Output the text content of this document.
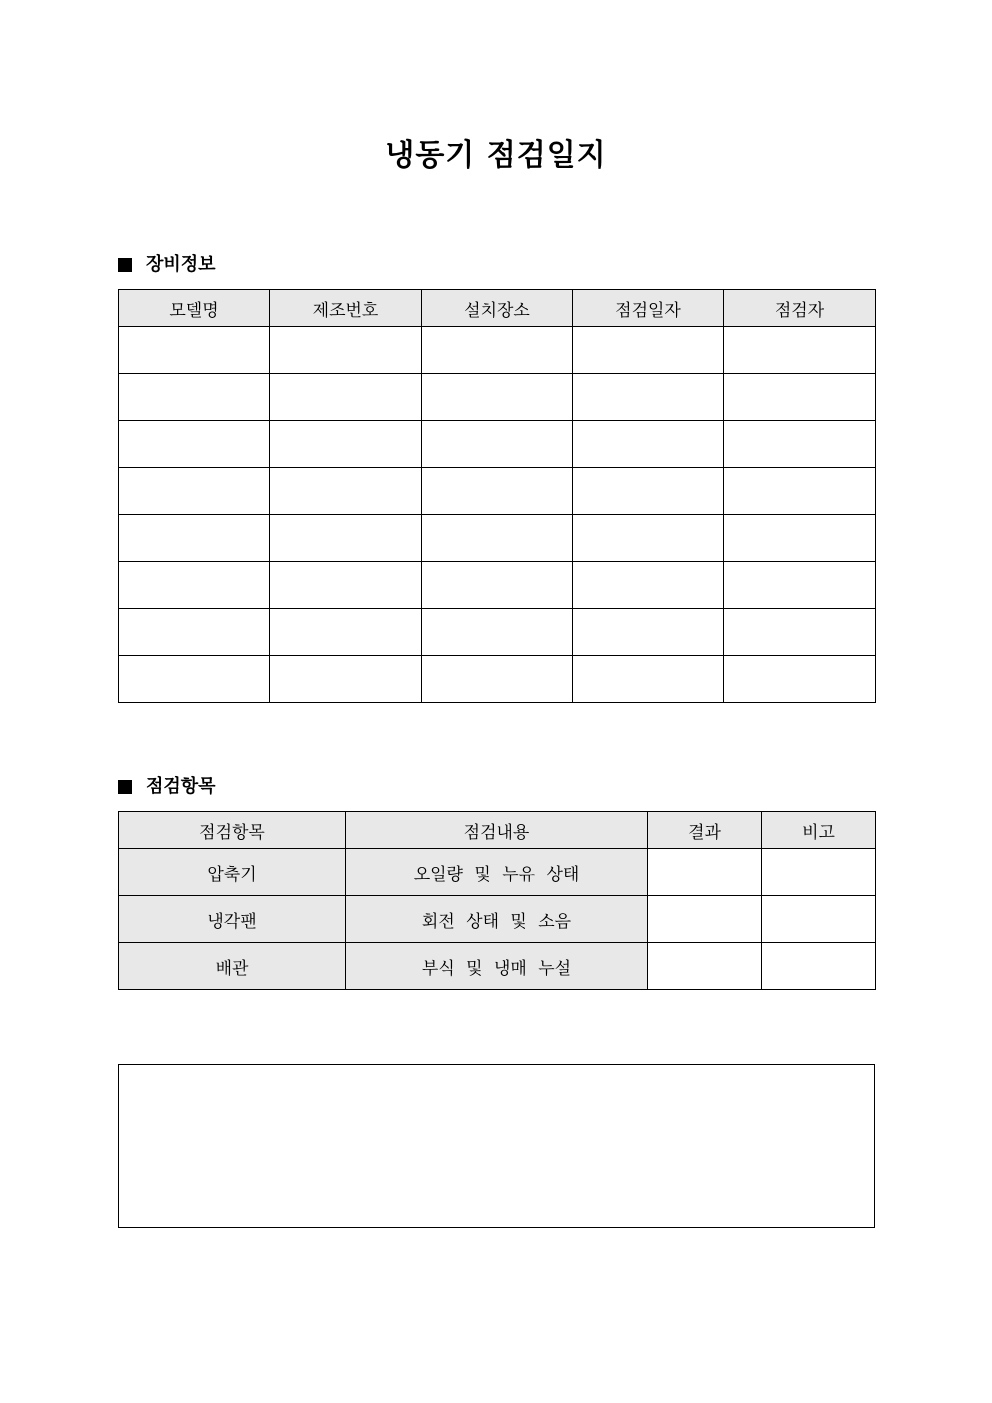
냉동기 점검일지
장비정보
모델명	제조번호	설치장소	점검일자	점검자

점검항목
점검항목	점검내용	결과	비고
압축기	오일량 및 누유 상태		
냉각팬	회전 상태 및 소음		
배관	부식 및 냉매 누설		
